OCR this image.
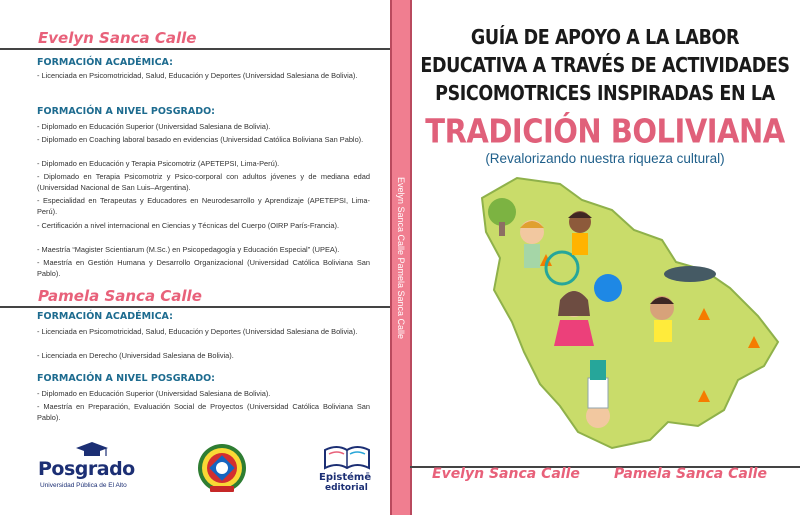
Evelyn Sanca Calle
FORMACIÓN ACADÉMICA:
- Licenciada en Psicomotricidad, Salud, Educación y Deportes (Universidad Salesiana de Bolivia).
FORMACIÓN A NIVEL POSGRADO:
- Diplomado en Educación Superior (Universidad Salesiana de Bolivia).
- Diplomado en Coaching laboral basado en evidencias (Universidad Católica Boliviana San Pablo).
- Diplomado en Educación y Terapia Psicomotriz (APETEPSI, Lima-Perú).
- Diplomado en Terapia Psicomotriz y Psico-corporal con adultos jóvenes y de mediana edad (Universidad Nacional de San Luis–Argentina).
- Especialidad en Terapeutas y Educadores en Neurodesarrollo y Aprendizaje (APETEPSI, Lima-Perú).
- Certificación a nivel internacional en Ciencias y Técnicas del Cuerpo (OIRP París-Francia).
- Maestría “Magister Scientiarum (M.Sc.) en Psicopedagogía y Educación Especial” (UPEA).
- Maestría en Gestión Humana y Desarrollo Organizacional (Universidad Católica Boliviana San Pablo).
Pamela Sanca Calle
FORMACIÓN ACADÉMICA:
- Licenciada en Psicomotricidad, Salud, Educación y Deportes (Universidad Salesiana de Bolivia).
- Licenciada en Derecho (Universidad Salesiana de Bolivia).
FORMACIÓN A NIVEL POSGRADO:
- Diplomado en Educación Superior (Universidad Salesiana de Bolivia).
- Maestría en Preparación, Evaluación Social de Proyectos (Universidad Católica Boliviana San Pablo).
Posgrado
Universidad Pública de El Alto
Epistémē
editorial
Evelyn Sanca Calle Pamela Sanca Calle
GUÍA DE APOYO A LA LABOR
EDUCATIVA A TRAVÉS DE ACTIVIDADES
PSICOMOTRICES INSPIRADAS EN LA
TRADICIÓN BOLIVIANA
(Revalorizando nuestra riqueza cultural)
Evelyn Sanca Calle Pamela Sanca Calle
